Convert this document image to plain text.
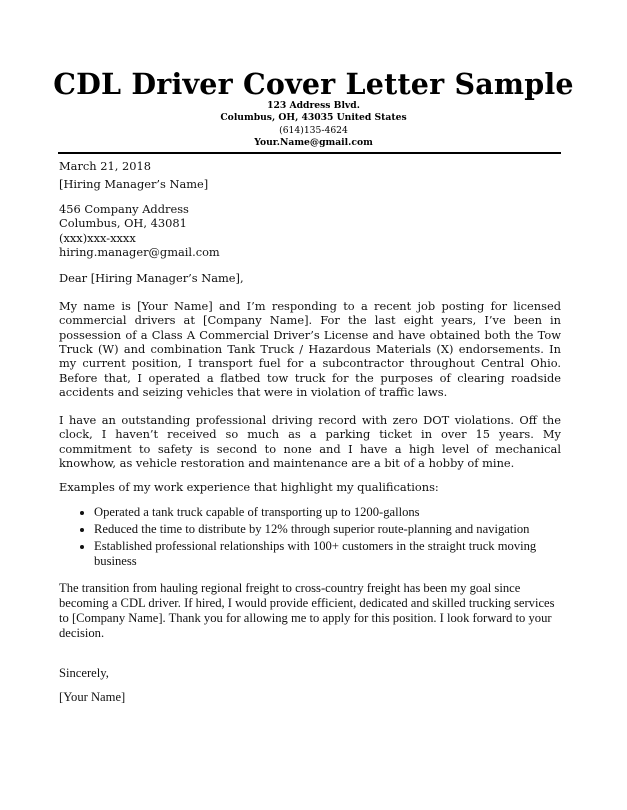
CDL Driver Cover Letter Sample
123 Address Blvd.
Columbus, OH, 43035 United States
(614)135-4624
Your.Name@gmail.com

March 21, 2018

[Hiring Manager’s Name]

456 Company Address

Columbus, OH, 43081

(xxx)xxx-xxxx

hiring.manager@gmail.com

Dear [Hiring Manager’s Name],

My name is [Your Name] and I’m responding to a recent job posting for licensed commercial drivers at [Company Name]. For the last eight years, I’ve been in possession of a Class A Commercial Driver’s License and have obtained both the Tow Truck (W) and combination Tank Truck / Hazardous Materials (X) endorsements. In my current position, I transport fuel for a subcontractor throughout Central Ohio. Before that, I operated a flatbed tow truck for the purposes of clearing roadside accidents and seizing vehicles that were in violation of traffic laws.

I have an outstanding professional driving record with zero DOT violations. Off the clock, I haven’t received so much as a parking ticket in over 15 years. My commitment to safety is second to none and I have a high level of mechanical knowhow, as vehicle restoration and maintenance are a bit of a hobby of mine.

Examples of my work experience that highlight my qualifications:

• Operated a tank truck capable of transporting up to 1200-gallons
• Reduced the time to distribute by 12% through superior route-planning and navigation
• Established professional relationships with 100+ customers in the straight truck moving business

The transition from hauling regional freight to cross-country freight has been my goal since becoming a CDL driver. If hired, I would provide efficient, dedicated and skilled trucking services to [Company Name]. Thank you for allowing me to apply for this position. I look forward to your decision.

Sincerely,

[Your Name]
